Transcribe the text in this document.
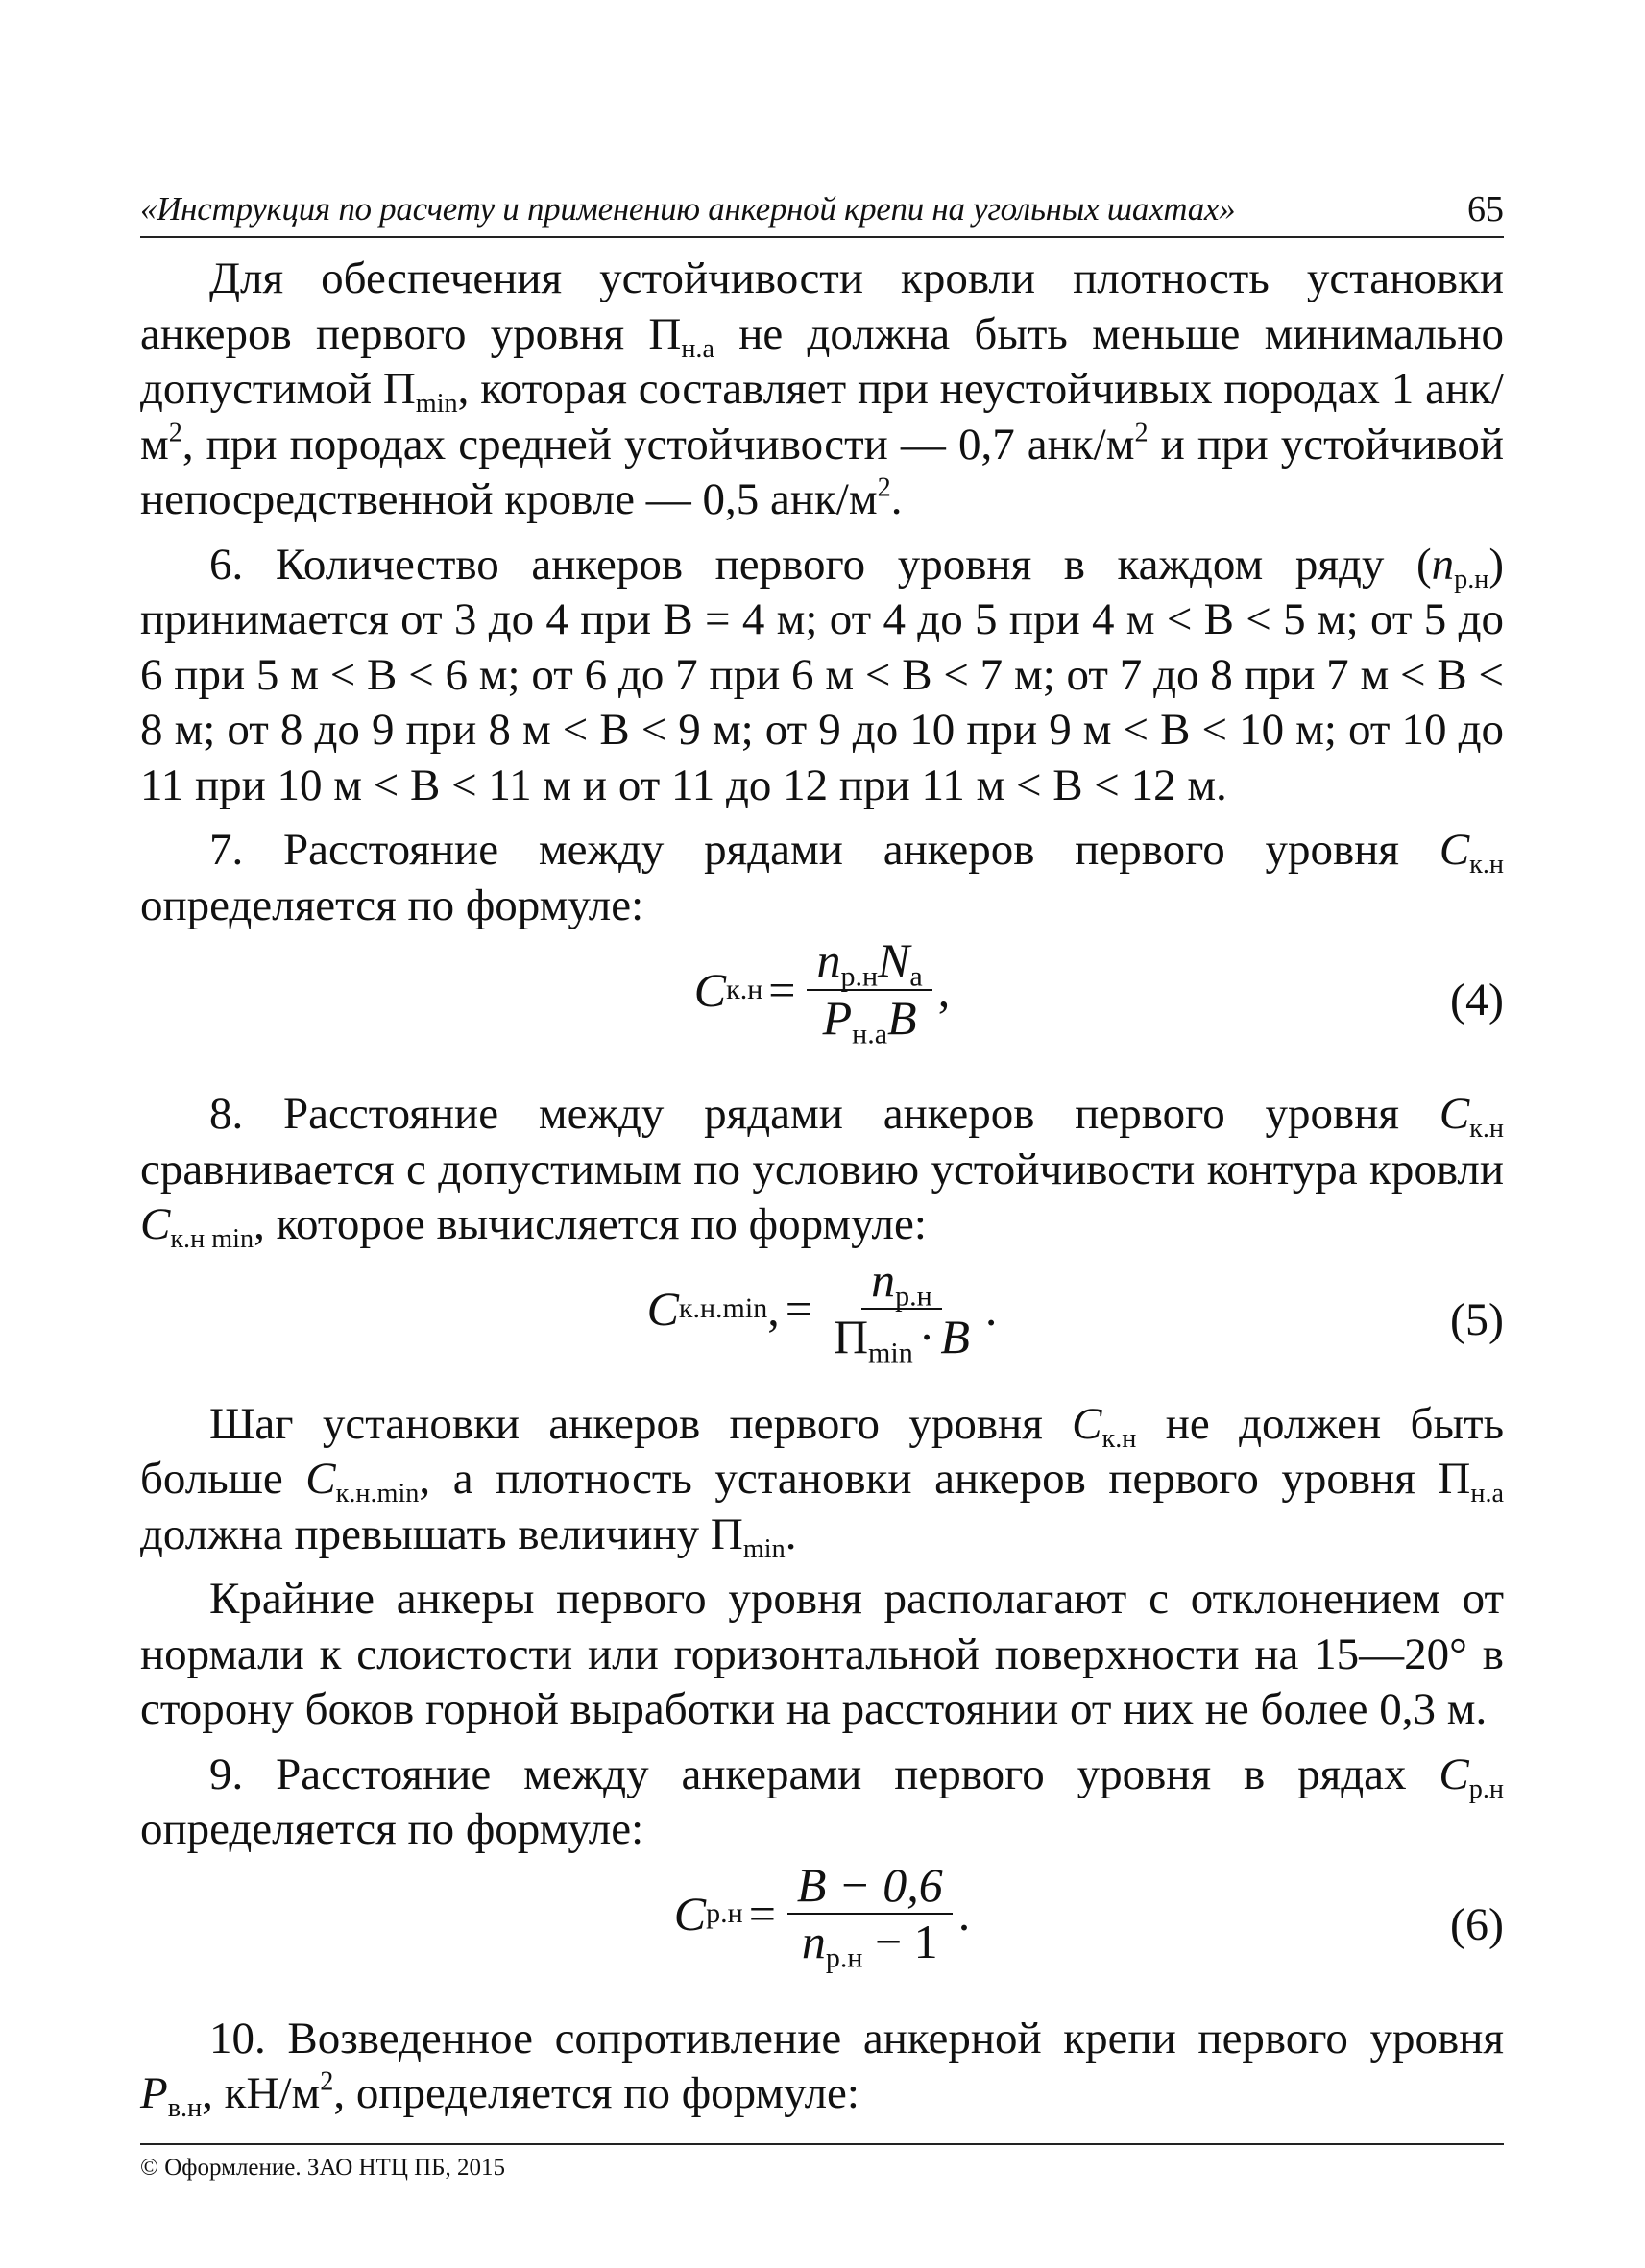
«Инструкция по расчету и применению анкерной крепи на угольных шахтах»	65

Для обеспечения устойчивости кровли плотность установки анкеров первого уровня $П_{н.а}$ не должна быть меньше минимально допустимой $П_{min}$, которая составляет при неустойчивых породах 1 анк/$м^2$, при породах средней устойчивости — 0,7 анк/$м^2$ и при устойчивой непосредственной кровле — 0,5 анк/$м^2$.

6. Количество анкеров первого уровня в каждом ряду $(n_{р.н})$ принимается от 3 до 4 при B = 4 м; от 4 до 5 при 4 м < B < 5 м; от 5 до 6 при 5 м < B < 6 м; от 6 до 7 при 6 м < B < 7 м; от 7 до 8 при 7 м < B < 8 м; от 8 до 9 при 8 м < B < 9 м; от 9 до 10 при 9 м < B < 10 м; от 10 до 11 при 10 м < B < 11 м и от 11 до 12 при 11 м < B < 12 м.

7. Расстояние между рядами анкеров первого уровня $C_{к.н}$ определяется по формуле:

C $к.н = \frac{n_{р.н}N_а}{P_{н.а}B}$ ,	(4)

8. Расстояние между рядами анкеров первого уровня $C_{к.н}$ сравнивается с допустимым по условию устойчивости контура кровли $C_{к.н min}$, которое вычисляется по формуле:

C к.н.min , = $\frac{n_{р.н}}{П_{min} \cdot B}$ .	(5)

Шаг установки анкеров первого уровня $C_{к.н}$ не должен быть больше $C_{к.н.min}$, а плотность установки анкеров первого уровня $П_{н.а}$ должна превышать величину $П_{min}$.

Крайние анкеры первого уровня располагают с отклонением от нормали к слоистости или горизонтальной поверхности на 15—20° в сторону боков горной выработки на расстоянии от них не более 0,3 м.

9. Расстояние между анкерами первого уровня в рядах $C_{р.н}$ определяется по формуле:

C $р.н = \frac{B - 0,6}{n_{р.н} - 1}$ .	(6)

10. Возведенное сопротивление анкерной крепи первого уровня $P_{в.н}$, $кН/м^2$, определяется по формуле:

© Оформление. ЗАО НТЦ ПБ, 2015
